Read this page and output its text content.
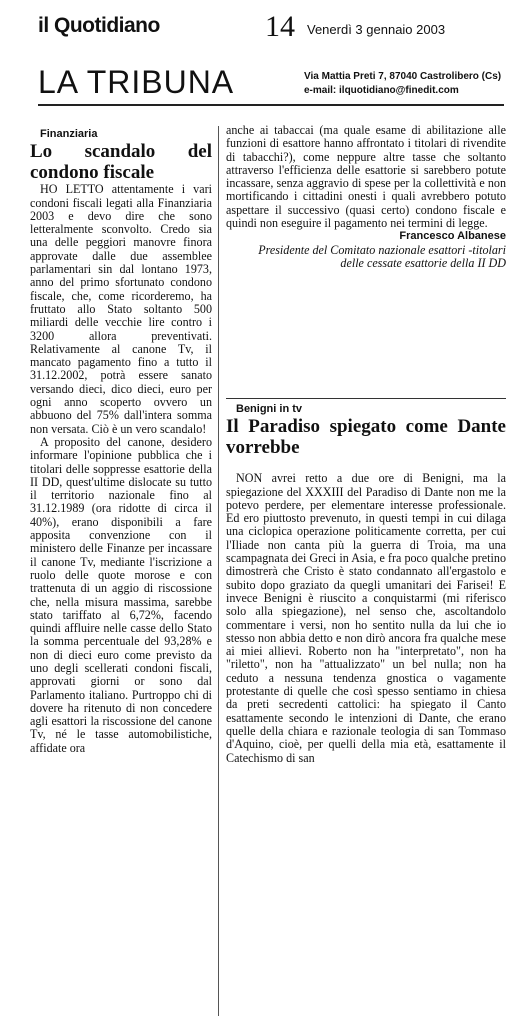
il Quotidiano	14 Venerdì 3 gennaio 2003
LA TRIBUNA	Via Mattia Preti 7, 87040 Castrolibero (Cs)
e-mail: ilquotidiano@finedit.com

Finanziaria

Lo scandalo del condono fiscale

HO LETTO attentamente i vari condoni fiscali legati alla Finanziaria 2003 e devo dire che sono letteralmente sconvolto. Credo sia una delle peggiori manovre finora approvate dalle due assemblee parlamentari sin dal lontano 1973, anno del primo sfortunato condono fiscale, che, come ricorderemo, ha fruttato allo Stato soltanto 500 miliardi delle vecchie lire contro i 3200 allora preventivati. Relativamente al canone Tv, il mancato pagamento fino a tutto il 31.12.2002, potrà essere sanato versando dieci, dico dieci, euro per ogni anno scoperto ovvero un abbuono del 75% dall'intera somma non versata. Ciò è un vero scandalo!

A proposito del canone, desidero informare l'opinione pubblica che i titolari delle soppresse esattorie della II DD, quest'ultime dislocate su tutto il territorio nazionale fino al 31.12.1989 (ora ridotte di circa il 40%), erano disponibili a fare apposita convenzione con il ministero delle Finanze per incassare il canone Tv, mediante l'iscrizione a ruolo delle quote morose e con trattenuta di un aggio di riscossione che, nella misura massima, sarebbe stato tariffato al 6,72%, facendo quindi affluire nelle casse dello Stato la somma percentuale del 93,28% e non di dieci euro come previsto da uno degli scellerati condoni fiscali, approvati giorni or sono dal Parlamento italiano. Purtroppo chi di dovere ha ritenuto di non concedere agli esattori la riscossione del canone Tv, né le tasse automobilistiche, affidate ora

anche ai tabaccai (ma quale esame di abilitazione alle funzioni di esattore hanno affrontato i titolari di rivendite di tabacchi?), come neppure altre tasse che soltanto attraverso l'efficienza delle esattorie si sarebbero potute incassare, senza aggravio di spese per la collettività e non mortificando i cittadini onesti i quali avrebbero potuto aspettare il successivo (quasi certo) condono fiscale e quindi non eseguire il pagamento nei termini di legge.

Francesco Albanese

Presidente del Comitato nazionale esattori -titolari delle cessate esattorie della II DD

Benigni in tv

Il Paradiso spiegato come Dante vorrebbe

NON avrei retto a due ore di Benigni, ma la spiegazione del XXXIII del Paradiso di Dante non me la potevo perdere, per elementare interesse professionale. Ed ero piuttosto prevenuto, in questi tempi in cui dilaga una ciclopica operazione politicamente corretta, per cui l'Iliade non canta più la guerra di Troia, ma una scampagnata dei Greci in Asia, e fra poco qualche pretino dimostrerà che Cristo è stato condannato all'ergastolo e subito dopo graziato da quegli umanitari dei Farisei! E invece Benigni è riuscito a conquistarmi (mi riferisco solo alla spiegazione), nel senso che, ascoltandolo commentare i versi, non ho sentito nulla da lui che io stesso non abbia detto e non dirò ancora fra qualche mese ai miei allievi. Roberto non ha "interpretato", non ha "riletto", non ha "attualizzato" un bel nulla; non ha ceduto a nessuna tendenza gnostica o vagamente protestante di quelle che così spesso sentiamo in chiesa da preti secredenti cattolici: ha spiegato il Canto esattamente secondo le intenzioni di Dante, che erano quelle della chiara e razionale teologia di san Tommaso d'Aquino, cioè, per quelli della mia età, esattamente il Catechismo di san
